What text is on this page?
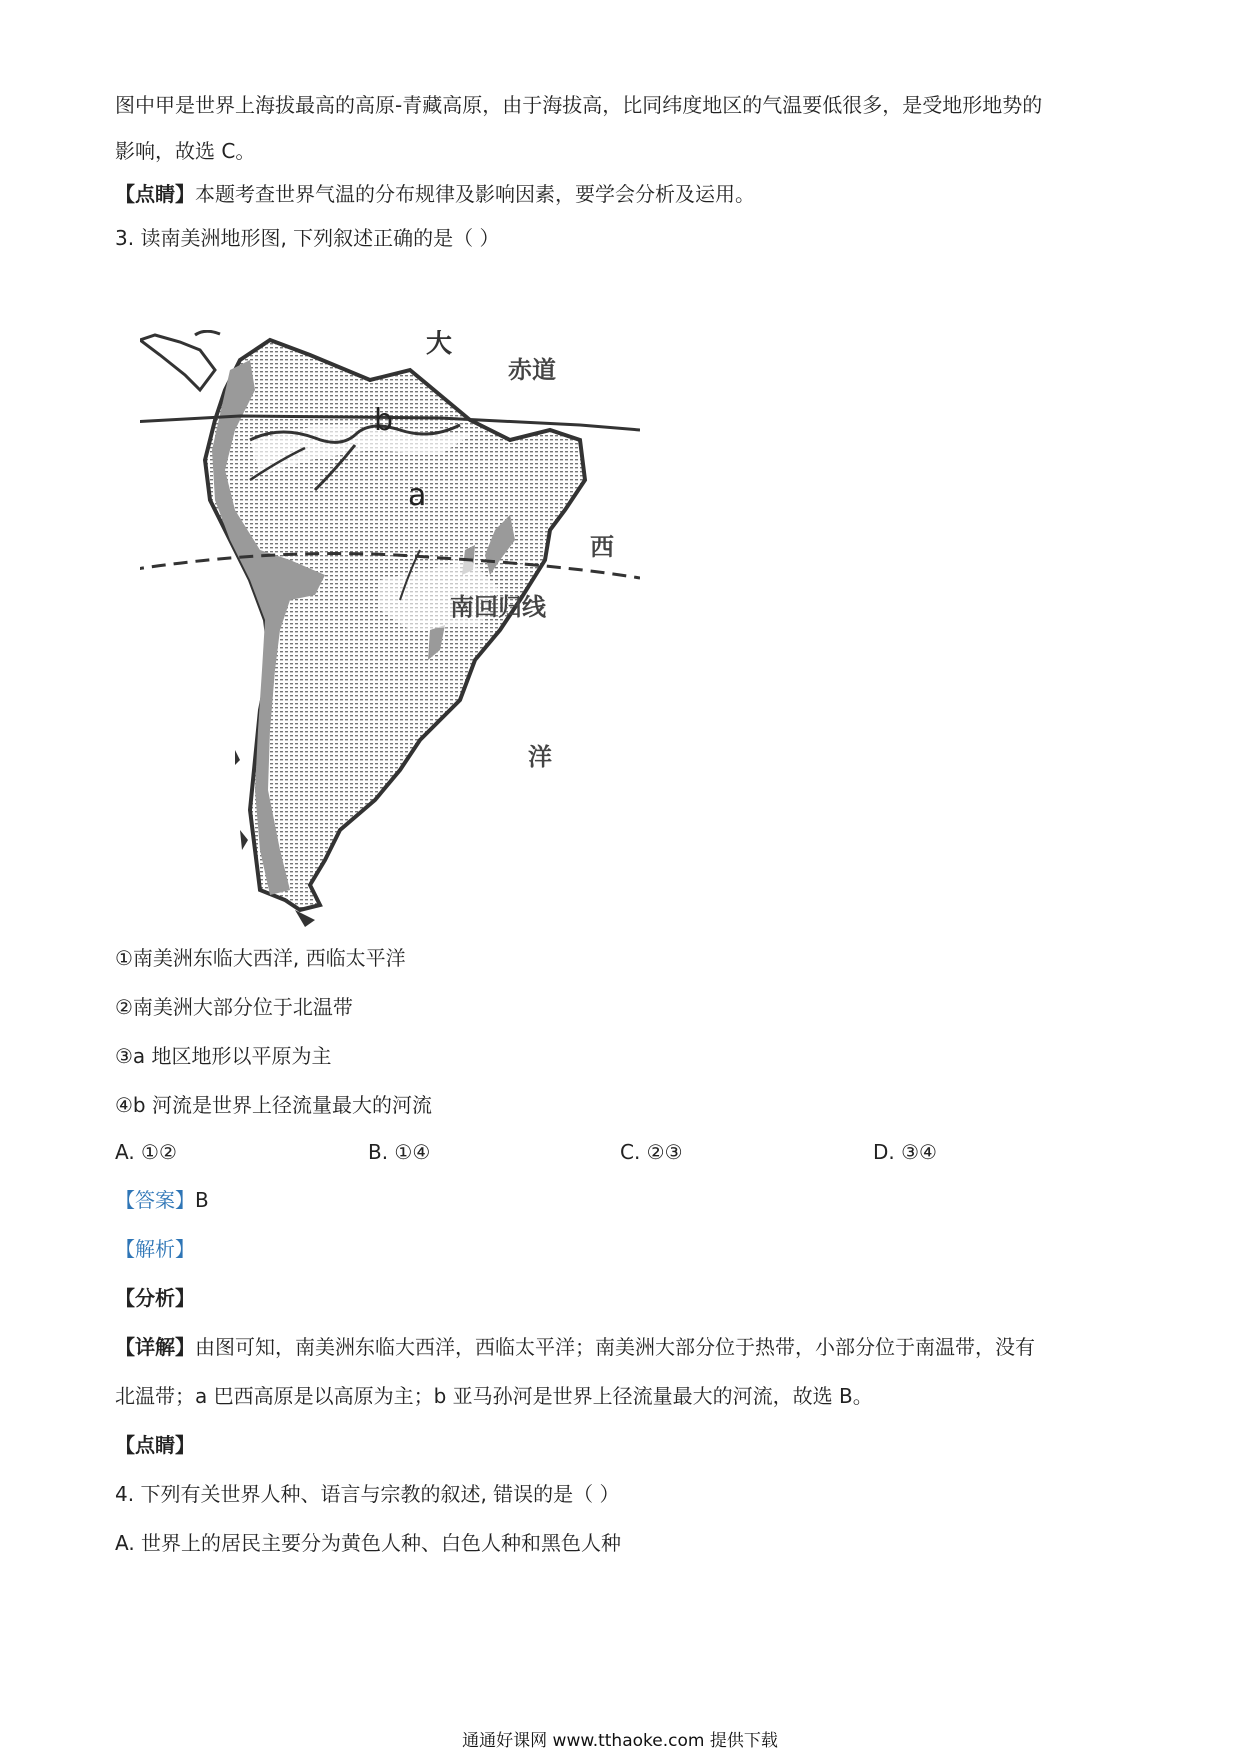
图中甲是世界上海拔最高的高原-青藏高原，由于海拔高，比同纬度地区的气温要低很多，是受地形地势的
影响，故选 C。
【点睛】本题考查世界气温的分布规律及影响因素，要学会分析及运用。
3. 读南美洲地形图, 下列叙述正确的是（ ）
大
赤道
b
a
西
南回归线
洋
①南美洲东临大西洋, 西临太平洋
②南美洲大部分位于北温带
③a 地区地形以平原为主
④b 河流是世界上径流量最大的河流
A. ①②	B. ①④	C. ②③	D. ③④
【答案】B
【解析】
【分析】
【详解】由图可知，南美洲东临大西洋，西临太平洋；南美洲大部分位于热带，小部分位于南温带，没有
北温带；a 巴西高原是以高原为主；b 亚马孙河是世界上径流量最大的河流，故选 B。
【点睛】
4. 下列有关世界人种、语言与宗教的叙述, 错误的是（ ）
A. 世界上的居民主要分为黄色人种、白色人种和黑色人种
通通好课网 www.tthaoke.com 提供下载
